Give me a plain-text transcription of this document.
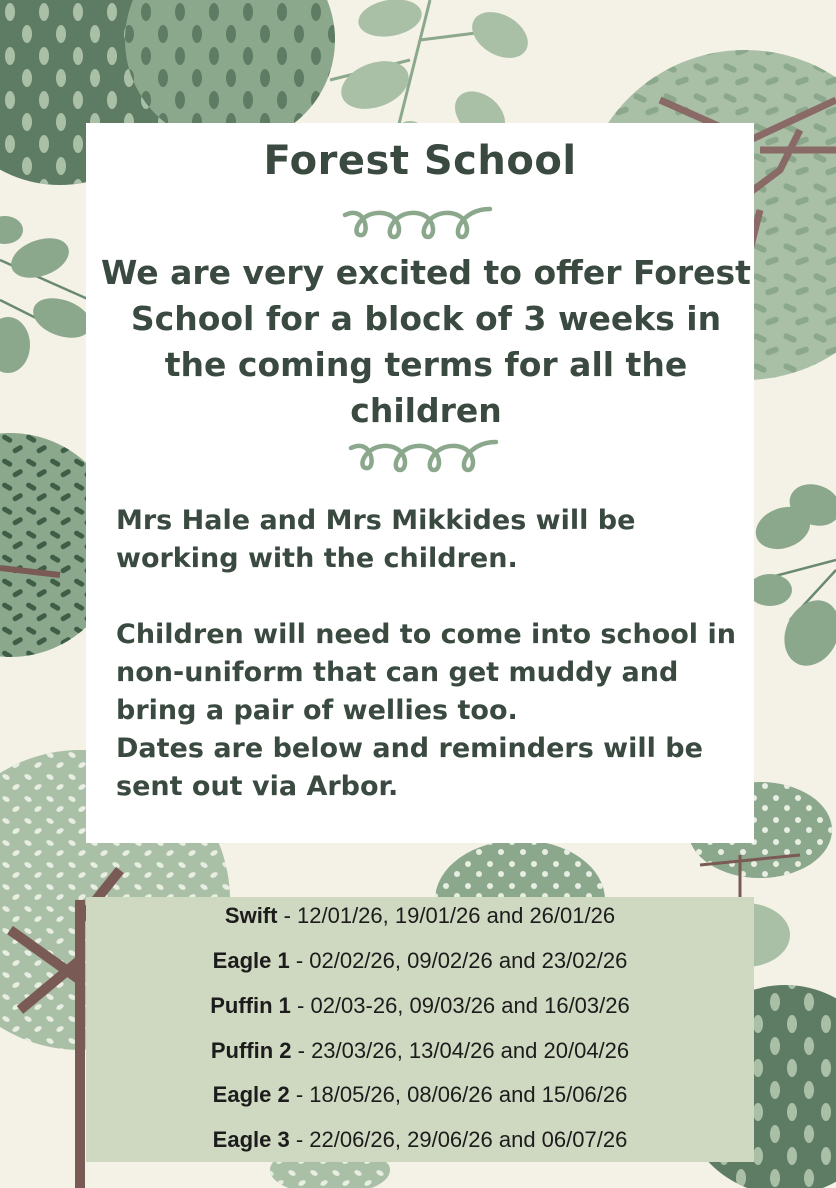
Forest School
We are very excited to offer Forest School for a block of 3 weeks in the coming terms for all the children

Mrs Hale and Mrs Mikkides will be working with the children.

Children will need to come into school in non-uniform that can get muddy and bring a pair of wellies too.

Dates are below and reminders will be sent out via Arbor.

Swift - 12/01/26, 19/01/26 and 26/01/26
Eagle 1 - 02/02/26, 09/02/26 and 23/02/26
Puffin 1 - 02/03-26, 09/03/26 and 16/03/26
Puffin 2 - 23/03/26, 13/04/26 and 20/04/26
Eagle 2 - 18/05/26, 08/06/26 and 15/06/26
Eagle 3 - 22/06/26, 29/06/26 and 06/07/26
